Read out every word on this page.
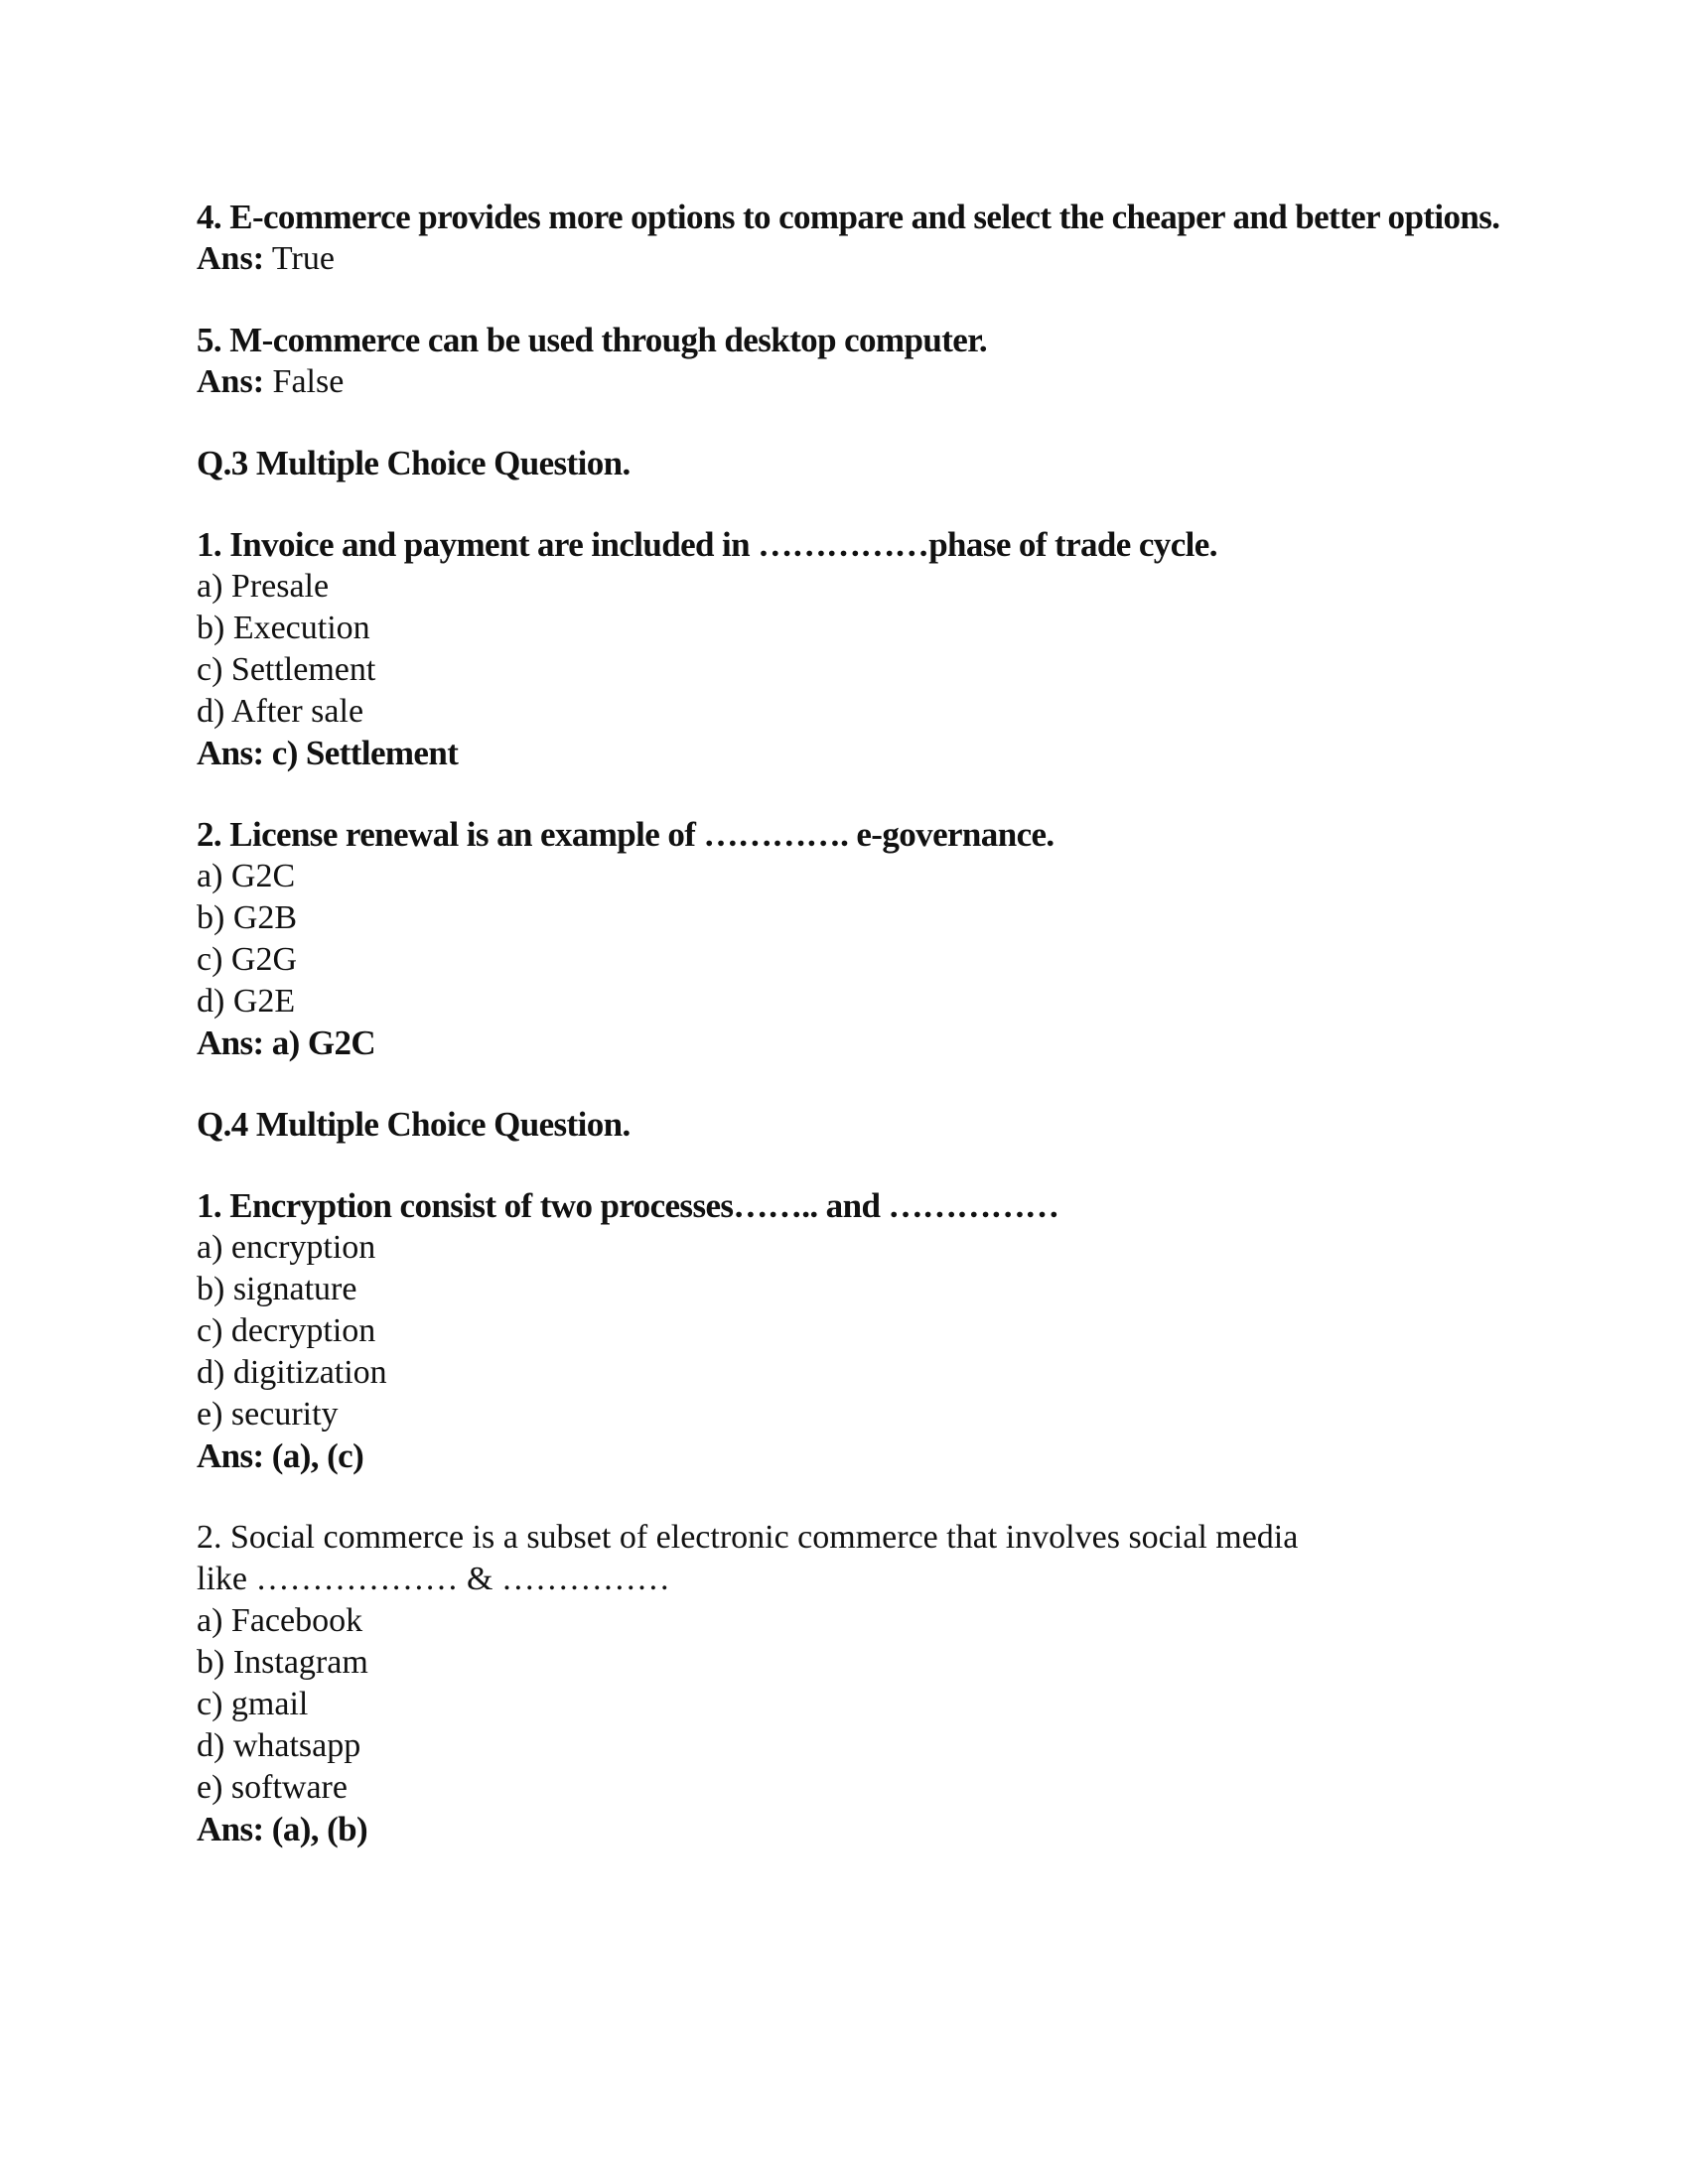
4. E-commerce provides more options to compare and select the cheaper and better options.

Ans: True

5. M-commerce can be used through desktop computer.

Ans: False

Q.3 Multiple Choice Question.

1. Invoice and payment are included in ……………phase of trade cycle.

a) Presale

b) Execution

c) Settlement

d) After sale

Ans: c) Settlement

2. License renewal is an example of …………. e-governance.

a) G2C

b) G2B

c) G2G

d) G2E

Ans: a) G2C

Q.4 Multiple Choice Question.

1. Encryption consist of two processes…….. and ……………

a) encryption

b) signature

c) decryption

d) digitization

e) security

Ans: (a), (c)

2. Social commerce is a subset of electronic commerce that involves social media

like ……………… & ……………

a) Facebook

b) Instagram

c) gmail

d) whatsapp

e) software

Ans: (a), (b)
